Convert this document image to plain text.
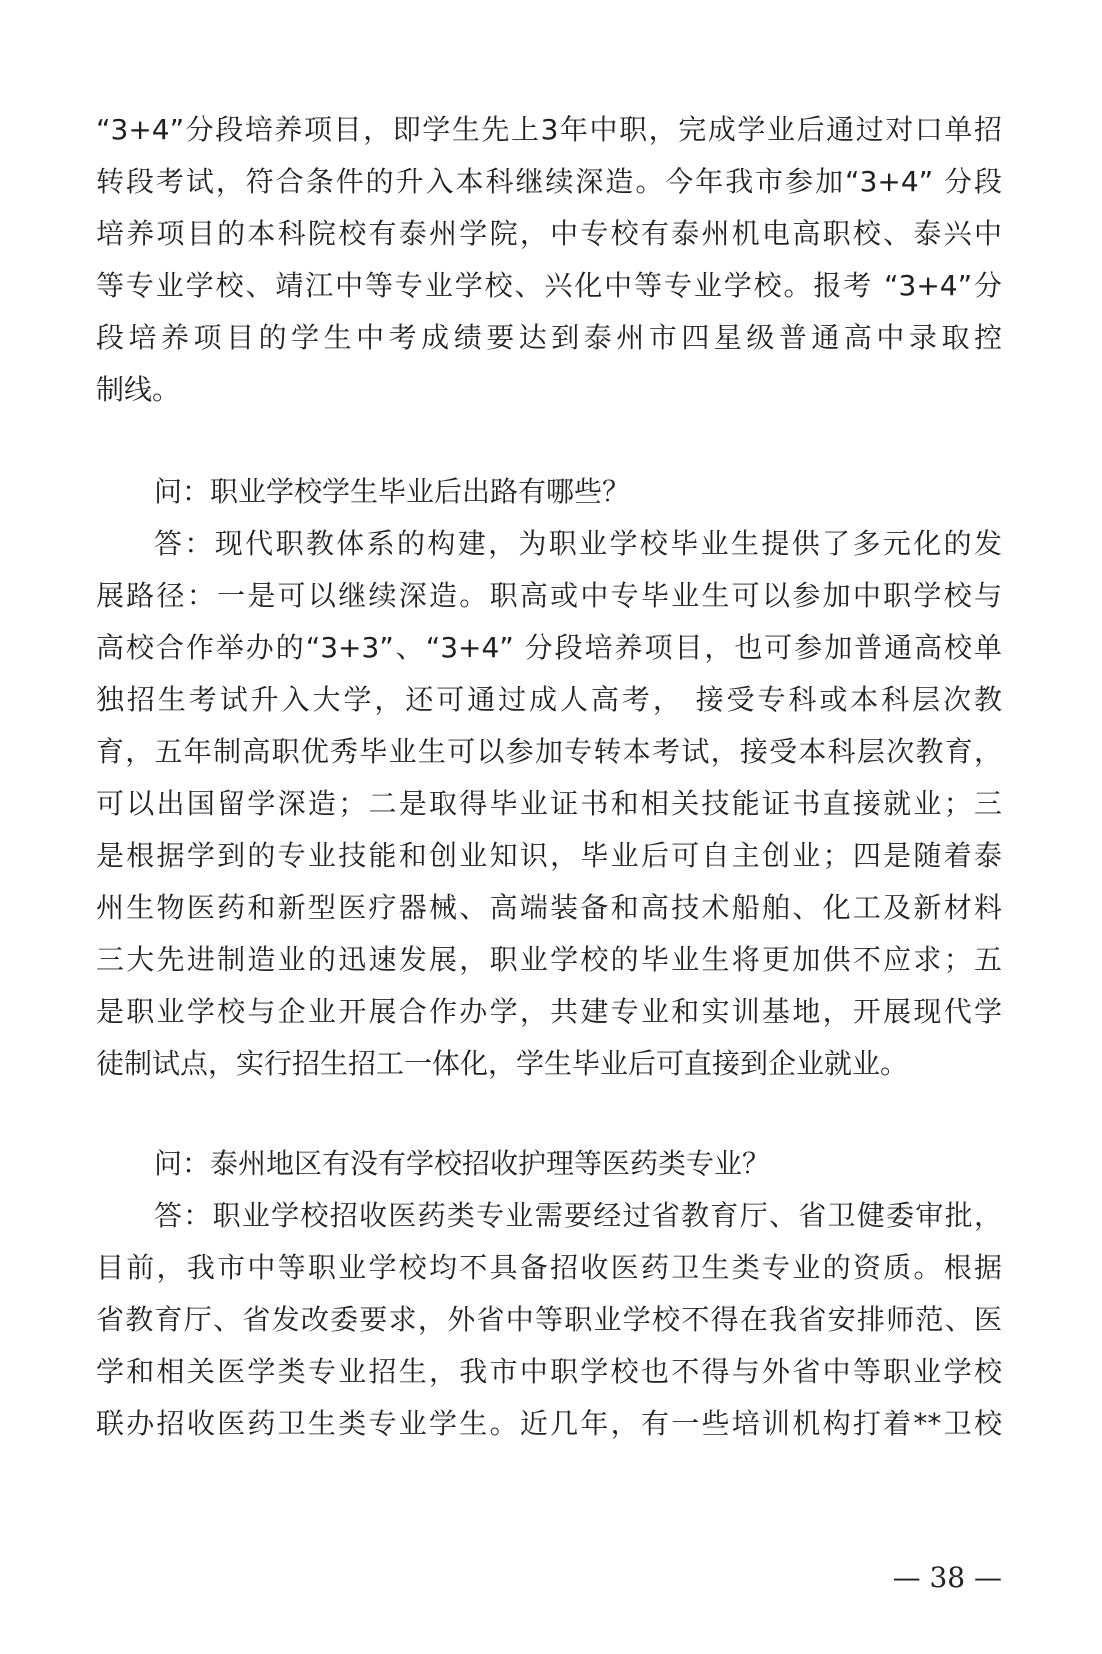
“3+4”分段培养项目，即学生先上3年中职，完成学业后通过对口单招
转段考试，符合条件的升入本科继续深造。今年我市参加“3+4” 分段
培养项目的本科院校有泰州学院，中专校有泰州机电高职校、泰兴中
等专业学校、靖江中等专业学校、兴化中等专业学校。报考 “3+4”分
段培养项目的学生中考成绩要达到泰州市四星级普通高中录取控
制线。
问：职业学校学生毕业后出路有哪些？
答：现代职教体系的构建，为职业学校毕业生提供了多元化的发
展路径：一是可以继续深造。职高或中专毕业生可以参加中职学校与
高校合作举办的“3+3”、“3+4” 分段培养项目，也可参加普通高校单
独招生考试升入大学，还可通过成人高考， 接受专科或本科层次教
育，五年制高职优秀毕业生可以参加专转本考试，接受本科层次教育，
可以出国留学深造；二是取得毕业证书和相关技能证书直接就业；三
是根据学到的专业技能和创业知识，毕业后可自主创业；四是随着泰
州生物医药和新型医疗器械、高端装备和高技术船舶、化工及新材料
三大先进制造业的迅速发展，职业学校的毕业生将更加供不应求；五
是职业学校与企业开展合作办学，共建专业和实训基地，开展现代学
徒制试点，实行招生招工一体化，学生毕业后可直接到企业就业。
问：泰州地区有没有学校招收护理等医药类专业？
答：职业学校招收医药类专业需要经过省教育厅、省卫健委审批，
目前，我市中等职业学校均不具备招收医药卫生类专业的资质。根据
省教育厅、省发改委要求，外省中等职业学校不得在我省安排师范、医
学和相关医学类专业招生，我市中职学校也不得与外省中等职业学校
联办招收医药卫生类专业学生。近几年，有一些培训机构打着**卫校
— 38 —
